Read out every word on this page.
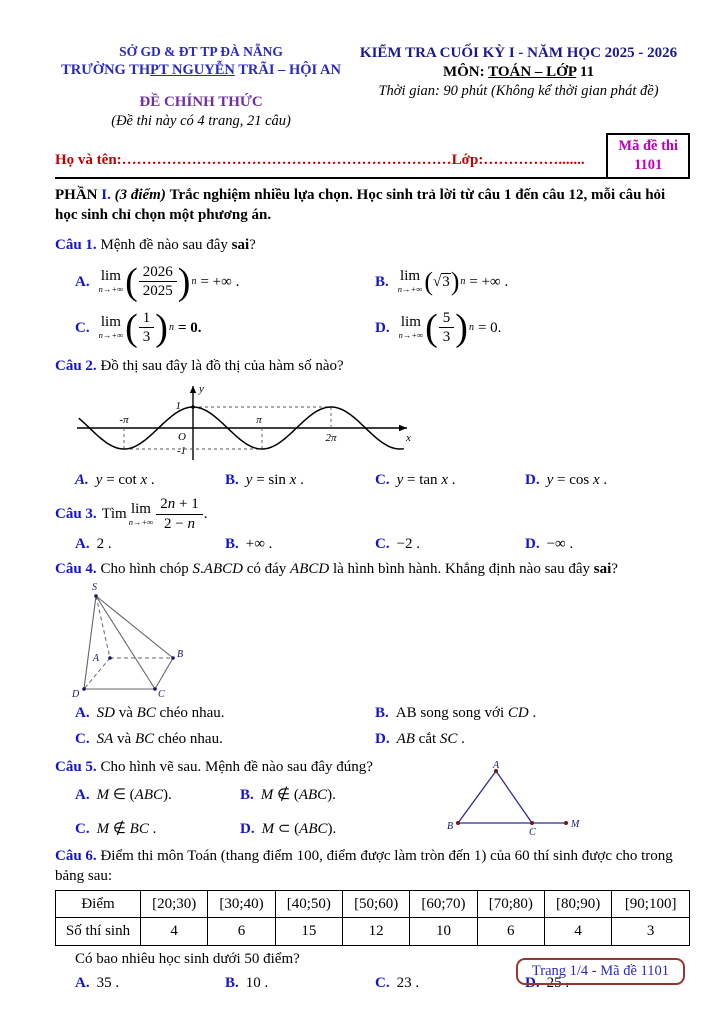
SỞ GD & ĐT TP ĐÀ NẴNG
TRƯỜNG THPT NGUYỄN TRÃI – HỘI AN
ĐỀ CHÍNH THỨC
(Đề thi này có 4 trang, 21 câu)
KIỂM TRA CUỐI KỲ I - NĂM HỌC 2025 - 2026
MÔN: TOÁN – LỚP 11
Thời gian: 90 phút (Không kể thời gian phát đề)
Mã đề thi
1101
Họ và tên:…………………………………………………………Lớp:…………….......
PHẦN I. (3 điểm) Trắc nghiệm nhiều lựa chọn. Học sinh trả lời từ câu 1 đến câu 12, mỗi câu hỏi học sinh chỉ chọn một phương án.
Câu 1. Mệnh đề nào sau đây sai?
A. lim
n→+∞ ( $\frac{2026}{2025}$ ) n = +∞ .	B. lim
n→+∞ ( √3 ) n = +∞ .
C. lim
n→+∞ ( $\frac{1}{3}$ ) n = 0.	D. lim
n→+∞ ( $\frac{5}{3}$ ) n = 0.
Câu 2. Đồ thị sau đây là đồ thị của hàm số nào?
y
1
-1
O
-π	π
2π	x
A. y = cot x .	B. y = sin x .	C. y = tan x .	D. y = cos x .
Câu 3. Tìm lim
$n\to+\infty \frac{2n + 1}{2 - n}$ .
A. 2 .	B. +∞ .	C. −2 .	D. −∞ .
Câu 4. Cho hình chóp S.ABCD có đáy ABCD là hình bình hành. Khẳng định nào sau đây sai?
S
A	B
C
D
A. SD và BC chéo nhau.	B. AB song song với CD .
C. SA và BC chéo nhau.	D. AB cắt SC .
Câu 5. Cho hình vẽ sau. Mệnh đề nào sau đây đúng?
A. M ∈ (ABC).	B. M ∉ (ABC).
C. M ∉ BC .	D. M ⊂ (ABC).
A
B
C
M
Câu 6. Điểm thi môn Toán (thang điểm 100, điểm được làm tròn đến 1) của 60 thí sinh được cho trong bảng sau:
Điểm	[20;30)	[30;40)	[40;50)	[50;60)	[60;70)	[70;80)	[80;90)	[90;100]
Số thí sinh	4	6	15	12	10	6	4	3
Có bao nhiêu học sinh dưới 50 điểm?
A. 35 .	B. 10 .	C. 23 .	D. 25 .
Trang 1/4 - Mã đề 1101
